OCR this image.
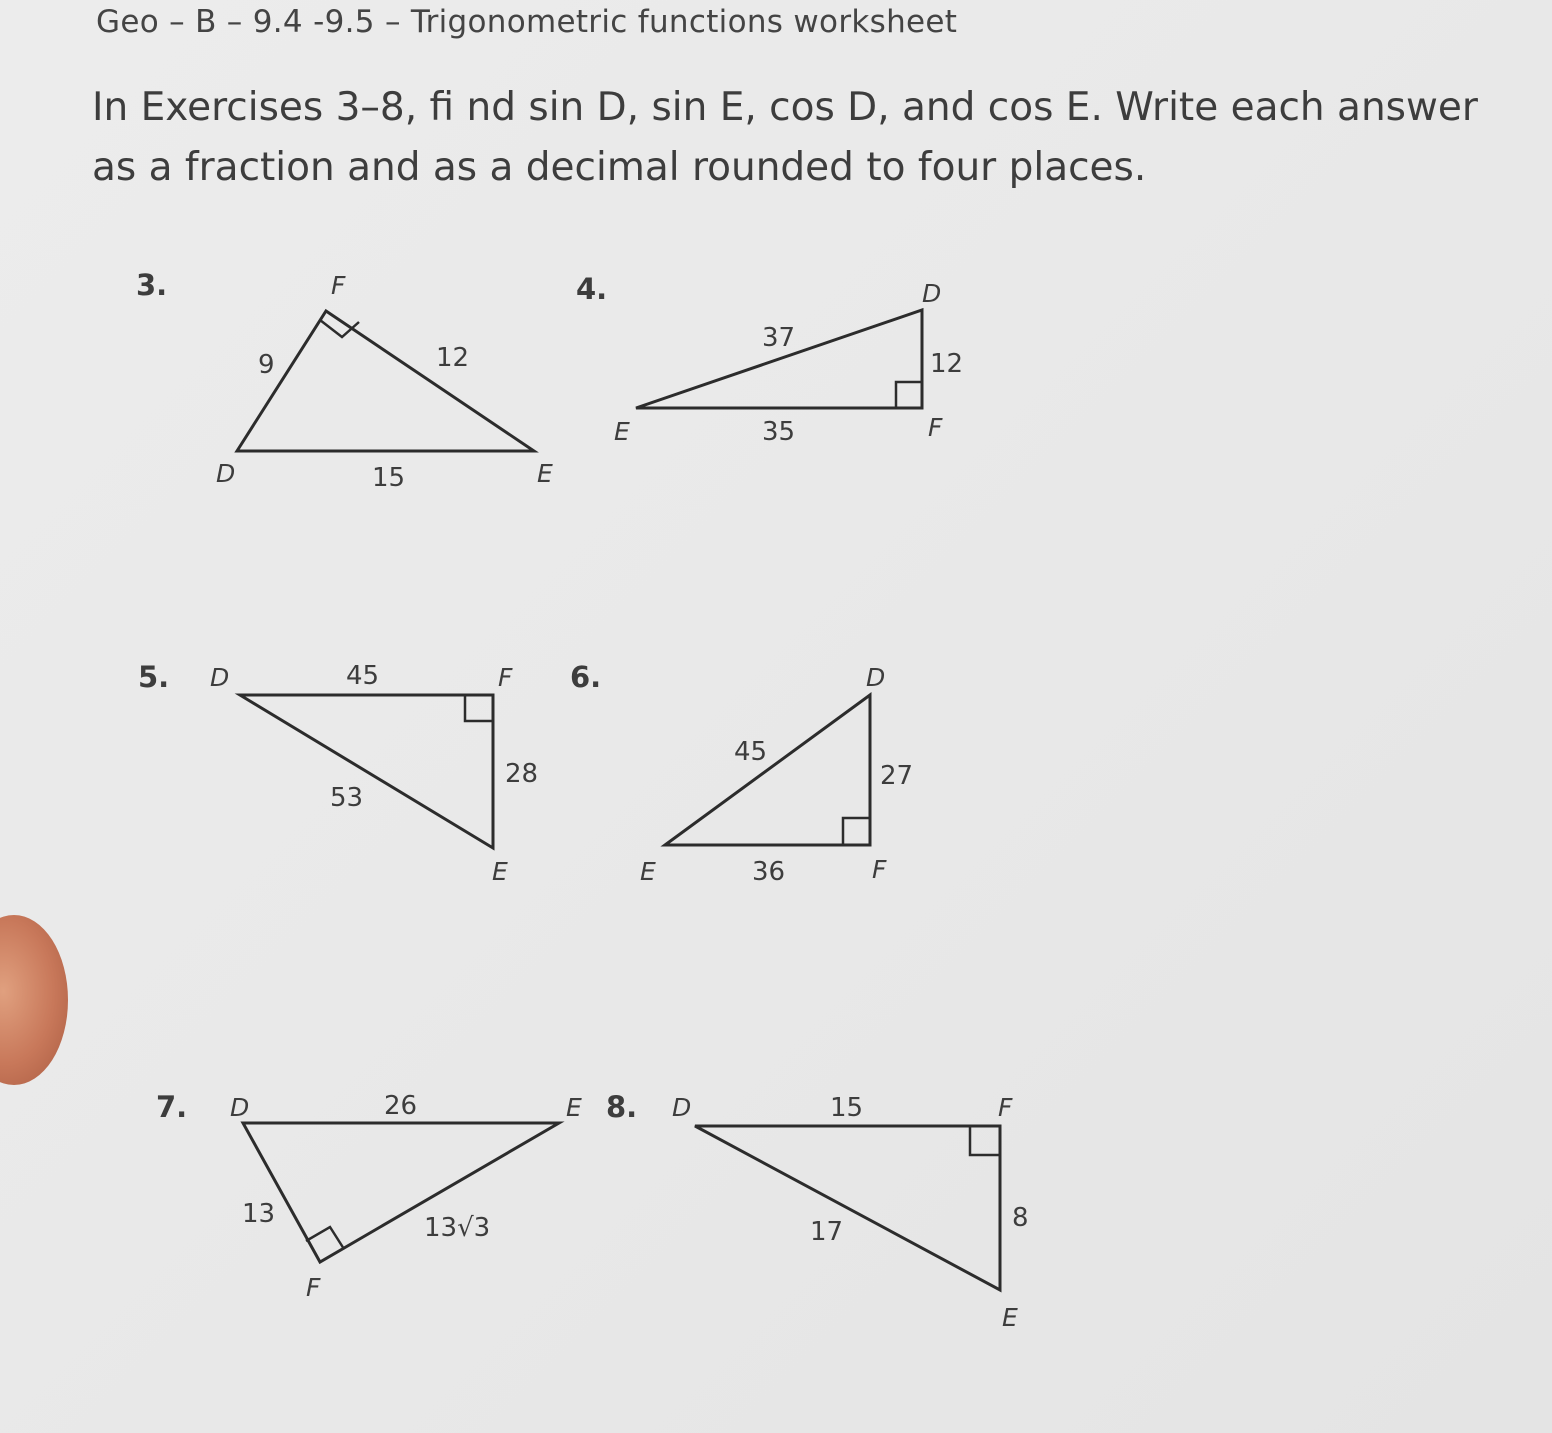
Geo – B – 9.4 -9.5 – Trigonometric functions worksheet

In Exercises 3–8, fi nd sin D, sin E, cos D, and cos E. Write each answer as a fraction and as a decimal rounded to four places.

3.	4.
5.	6.
7.	8.
F
D	E
9	12
15
D
E	F
37
12
35
D	F
E
45
28
53
D
E	F
45
27
36
D	E
F
26
13	13√3
D	F
E
15
8
17
